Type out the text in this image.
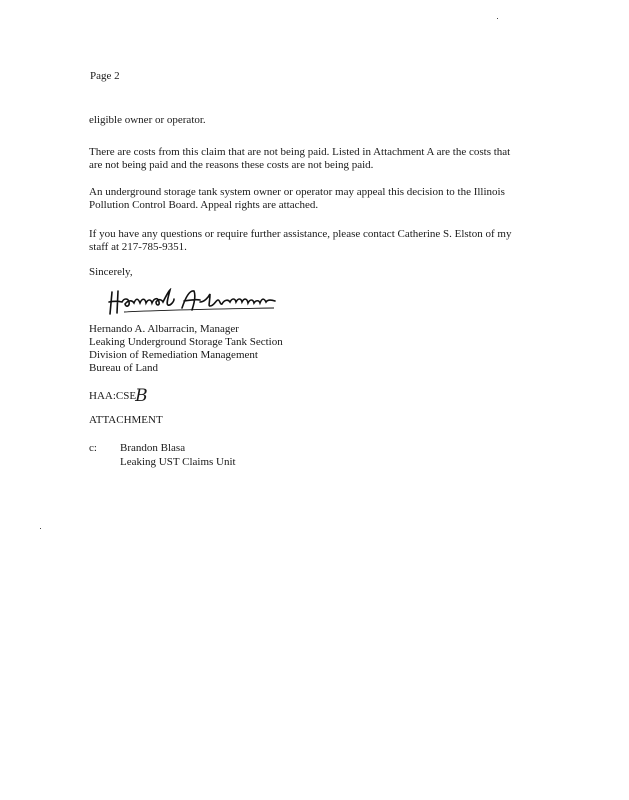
Page 2
eligible owner or operator.
There are costs from this claim that are not being paid. Listed in Attachment A are the costs that
are not being paid and the reasons these costs are not being paid.
An underground storage tank system owner or operator may appeal this decision to the Illinois
Pollution Control Board. Appeal rights are attached.
If you have any questions or require further assistance, please contact Catherine S. Elston of my
staff at 217-785-9351.
Sincerely,
Hernando A. Albarracin, Manager
Leaking Underground Storage Tank Section
Division of Remediation Management
Bureau of Land
HAA:CSEB
ATTACHMENT
c: Brandon Blasa
Leaking UST Claims Unit
